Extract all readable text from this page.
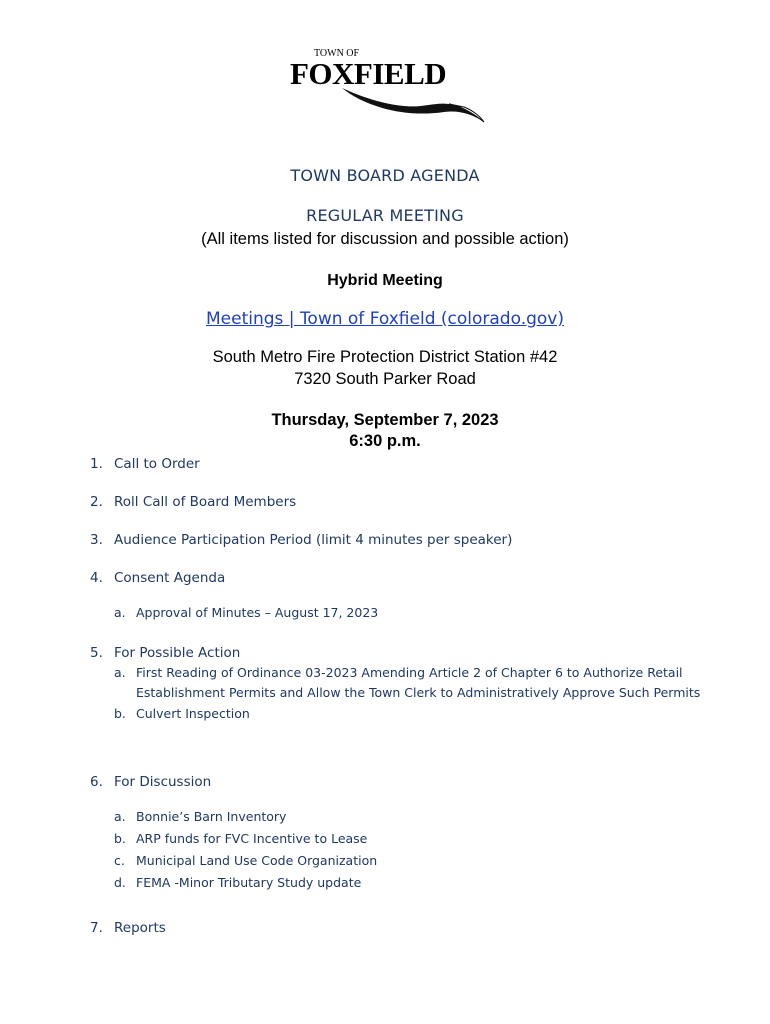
TOWN OF
FOXFIELD
TOWN BOARD AGENDA
REGULAR MEETING
(All items listed for discussion and possible action)
Hybrid Meeting
Meetings | Town of Foxfield (colorado.gov)
South Metro Fire Protection District Station #42
7320 South Parker Road
Thursday, September 7, 2023
6:30 p.m.
1. Call to Order
2. Roll Call of Board Members
3. Audience Participation Period (limit 4 minutes per speaker)
4. Consent Agenda
a. Approval of Minutes – August 17, 2023
5. For Possible Action
a. First Reading of Ordinance 03-2023 Amending Article 2 of Chapter 6 to Authorize Retail
Establishment Permits and Allow the Town Clerk to Administratively Approve Such Permits
b. Culvert Inspection
6. For Discussion
a. Bonnie’s Barn Inventory
b. ARP funds for FVC Incentive to Lease
c. Municipal Land Use Code Organization
d. FEMA -Minor Tributary Study update
7. Reports
